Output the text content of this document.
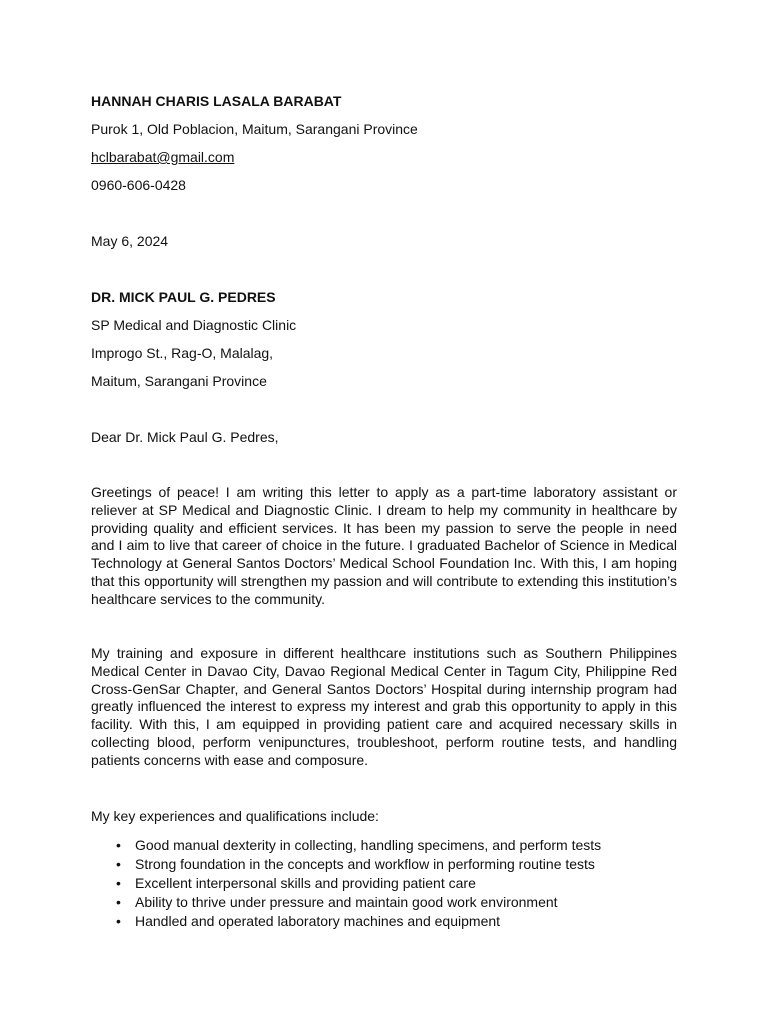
HANNAH CHARIS LASALA BARABAT
Purok 1, Old Poblacion, Maitum, Sarangani Province
hclbarabat@gmail.com
0960-606-0428
May 6, 2024
DR. MICK PAUL G. PEDRES
SP Medical and Diagnostic Clinic
Improgo St., Rag-O, Malalag,
Maitum, Sarangani Province
Dear Dr. Mick Paul G. Pedres,
Greetings of peace! I am writing this letter to apply as a part-time laboratory assistant or reliever at SP Medical and Diagnostic Clinic. I dream to help my community in healthcare by providing quality and efficient services. It has been my passion to serve the people in need and I aim to live that career of choice in the future. I graduated Bachelor of Science in Medical Technology at General Santos Doctors’ Medical School Foundation Inc. With this, I am hoping that this opportunity will strengthen my passion and will contribute to extending this institution’s healthcare services to the community.
My training and exposure in different healthcare institutions such as Southern Philippines Medical Center in Davao City, Davao Regional Medical Center in Tagum City, Philippine Red Cross-GenSar Chapter, and General Santos Doctors’ Hospital during internship program had greatly influenced the interest to express my interest and grab this opportunity to apply in this facility. With this, I am equipped in providing patient care and acquired necessary skills in collecting blood, perform venipunctures, troubleshoot, perform routine tests, and handling patients concerns with ease and composure.
My key experiences and qualifications include:
• Good manual dexterity in collecting, handling specimens, and perform tests
• Strong foundation in the concepts and workflow in performing routine tests
• Excellent interpersonal skills and providing patient care
• Ability to thrive under pressure and maintain good work environment
• Handled and operated laboratory machines and equipment
